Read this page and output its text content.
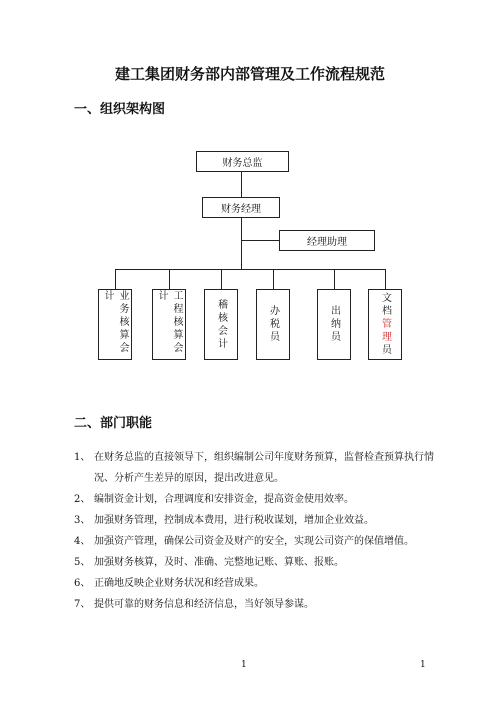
建工集团财务部内部管理及工作流程规范
一、组织架构图
财务总监
财务经理
经理助理
业务核算会计	工程核算会计
稽核会计	办税员	出纳员	文档
管理
员
二、部门职能
1、 在财务总监的直接领导下，组织编制公司年度财务预算，监督检查预算执行情况、分析产生差异的原因，提出改进意见。
2、 编制资金计划，合理调度和安排资金，提高资金使用效率。
3、 加强财务管理，控制成本费用，进行税收谋划，增加企业效益。
4、 加强资产管理，确保公司资金及财产的安全，实现公司资产的保值增值。
5、 加强财务核算，及时、准确、完整地记账、算账、报账。
6、 正确地反映企业财务状况和经营成果。
7、 提供可靠的财务信息和经济信息，当好领导参谋。
1	1
